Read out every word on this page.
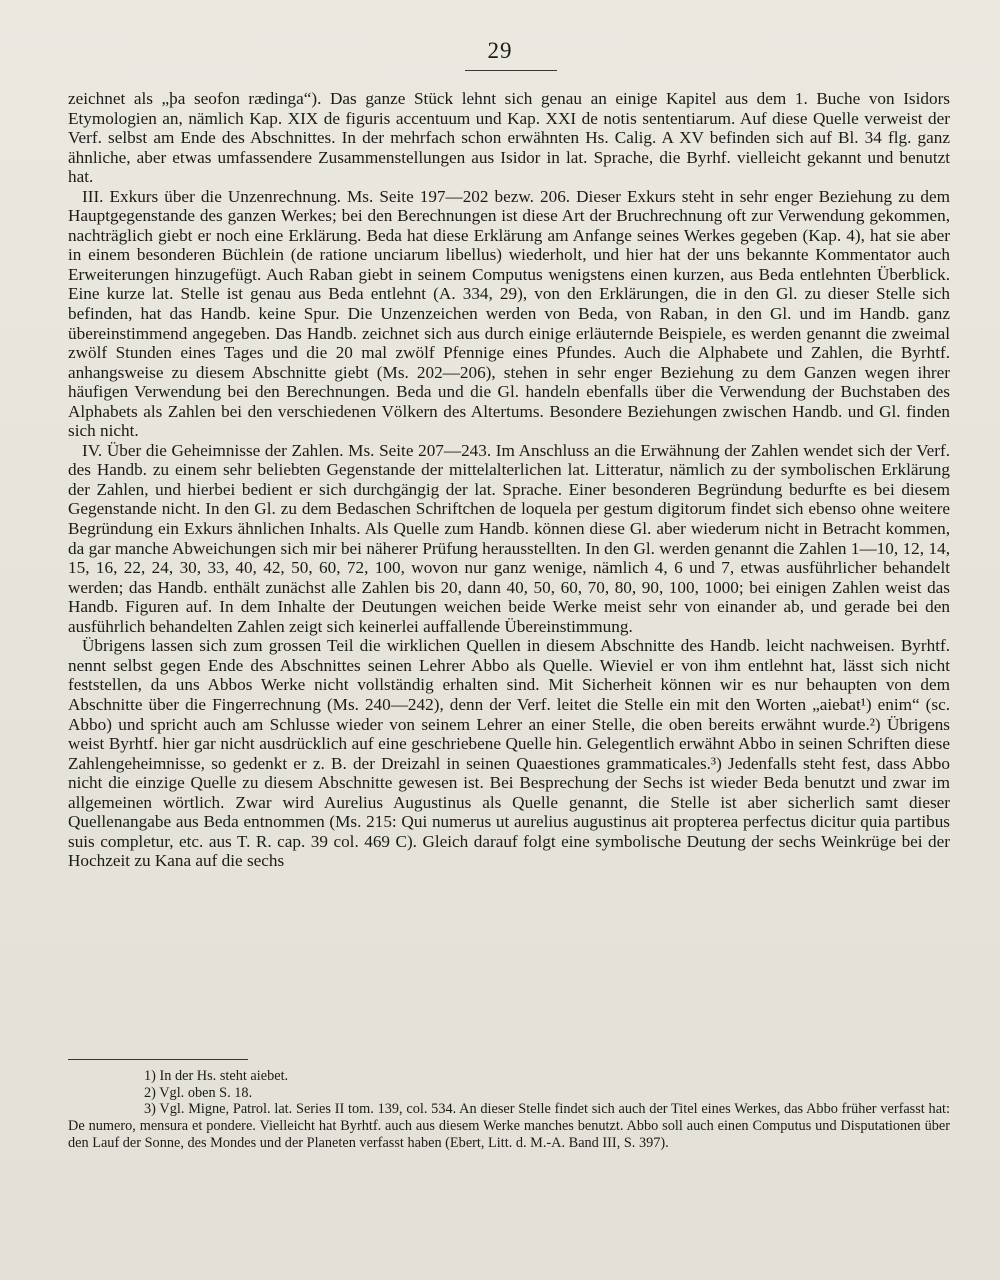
29

zeichnet als „þa seofon rædinga“). Das ganze Stück lehnt sich genau an einige Kapitel aus dem 1. Buche von Isidors Etymologien an, nämlich Kap. XIX de figuris accentuum und Kap. XXI de notis sententiarum. Auf diese Quelle verweist der Verf. selbst am Ende des Abschnittes. In der mehrfach schon erwähnten Hs. Calig. A XV befinden sich auf Bl. 34 flg. ganz ähnliche, aber etwas umfassendere Zusammenstellungen aus Isidor in lat. Sprache, die Byrhf. vielleicht gekannt und benutzt hat.

III. Exkurs über die Unzenrechnung. Ms. Seite 197—202 bezw. 206. Dieser Exkurs steht in sehr enger Beziehung zu dem Hauptgegenstande des ganzen Werkes; bei den Berechnungen ist diese Art der Bruchrechnung oft zur Verwendung gekommen, nachträglich giebt er noch eine Erklärung. Beda hat diese Erklärung am Anfange seines Werkes gegeben (Kap. 4), hat sie aber in einem besonderen Büchlein (de ratione unciarum libellus) wiederholt, und hier hat der uns bekannte Kommentator auch Erweiterungen hinzugefügt. Auch Raban giebt in seinem Computus wenigstens einen kurzen, aus Beda entlehnten Überblick. Eine kurze lat. Stelle ist genau aus Beda entlehnt (A. 334, 29), von den Erklärungen, die in den Gl. zu dieser Stelle sich befinden, hat das Handb. keine Spur. Die Unzenzeichen werden von Beda, von Raban, in den Gl. und im Handb. ganz übereinstimmend angegeben. Das Handb. zeichnet sich aus durch einige erläuternde Beispiele, es werden genannt die zweimal zwölf Stunden eines Tages und die 20 mal zwölf Pfennige eines Pfundes. Auch die Alphabete und Zahlen, die Byrhtf. anhangsweise zu diesem Abschnitte giebt (Ms. 202—206), stehen in sehr enger Beziehung zu dem Ganzen wegen ihrer häufigen Verwendung bei den Berechnungen. Beda und die Gl. handeln ebenfalls über die Verwendung der Buchstaben des Alphabets als Zahlen bei den verschiedenen Völkern des Altertums. Besondere Beziehungen zwischen Handb. und Gl. finden sich nicht.

IV. Über die Geheimnisse der Zahlen. Ms. Seite 207—243. Im Anschluss an die Erwähnung der Zahlen wendet sich der Verf. des Handb. zu einem sehr beliebten Gegenstande der mittelalterlichen lat. Litteratur, nämlich zu der symbolischen Erklärung der Zahlen, und hierbei bedient er sich durchgängig der lat. Sprache. Einer besonderen Begründung bedurfte es bei diesem Gegenstande nicht. In den Gl. zu dem Bedaschen Schriftchen de loquela per gestum digitorum findet sich ebenso ohne weitere Begründung ein Exkurs ähnlichen Inhalts. Als Quelle zum Handb. können diese Gl. aber wiederum nicht in Betracht kommen, da gar manche Abweichungen sich mir bei näherer Prüfung herausstellten. In den Gl. werden genannt die Zahlen 1—10, 12, 14, 15, 16, 22, 24, 30, 33, 40, 42, 50, 60, 72, 100, wovon nur ganz wenige, nämlich 4, 6 und 7, etwas ausführlicher behandelt werden; das Handb. enthält zunächst alle Zahlen bis 20, dann 40, 50, 60, 70, 80, 90, 100, 1000; bei einigen Zahlen weist das Handb. Figuren auf. In dem Inhalte der Deutungen weichen beide Werke meist sehr von einander ab, und gerade bei den ausführlich behandelten Zahlen zeigt sich keinerlei auffallende Übereinstimmung.

Übrigens lassen sich zum grossen Teil die wirklichen Quellen in diesem Abschnitte des Handb. leicht nachweisen. Byrhtf. nennt selbst gegen Ende des Abschnittes seinen Lehrer Abbo als Quelle. Wieviel er von ihm entlehnt hat, lässt sich nicht feststellen, da uns Abbos Werke nicht vollständig erhalten sind. Mit Sicherheit können wir es nur behaupten von dem Abschnitte über die Fingerrechnung (Ms. 240—242), denn der Verf. leitet die Stelle ein mit den Worten „aiebat¹) enim“ (sc. Abbo) und spricht auch am Schlusse wieder von seinem Lehrer an einer Stelle, die oben bereits erwähnt wurde.²) Übrigens weist Byrhtf. hier gar nicht ausdrücklich auf eine geschriebene Quelle hin. Gelegentlich erwähnt Abbo in seinen Schriften diese Zahlengeheimnisse, so gedenkt er z. B. der Dreizahl in seinen Quaestiones grammaticales.³) Jedenfalls steht fest, dass Abbo nicht die einzige Quelle zu diesem Abschnitte gewesen ist. Bei Besprechung der Sechs ist wieder Beda benutzt und zwar im allgemeinen wörtlich. Zwar wird Aurelius Augustinus als Quelle genannt, die Stelle ist aber sicherlich samt dieser Quellenangabe aus Beda entnommen (Ms. 215: Qui numerus ut aurelius augustinus ait propterea perfectus dicitur quia partibus suis completur, etc. aus T. R. cap. 39 col. 469 C). Gleich darauf folgt eine symbolische Deutung der sechs Weinkrüge bei der Hochzeit zu Kana auf die sechs

1) In der Hs. steht aiebet.

2) Vgl. oben S. 18.

3) Vgl. Migne, Patrol. lat. Series II tom. 139, col. 534. An dieser Stelle findet sich auch der Titel eines Werkes, das Abbo früher verfasst hat: De numero, mensura et pondere. Vielleicht hat Byrhtf. auch aus diesem Werke manches benutzt. Abbo soll auch einen Computus und Disputationen über den Lauf der Sonne, des Mondes und der Planeten verfasst haben (Ebert, Litt. d. M.-A. Band III, S. 397).
